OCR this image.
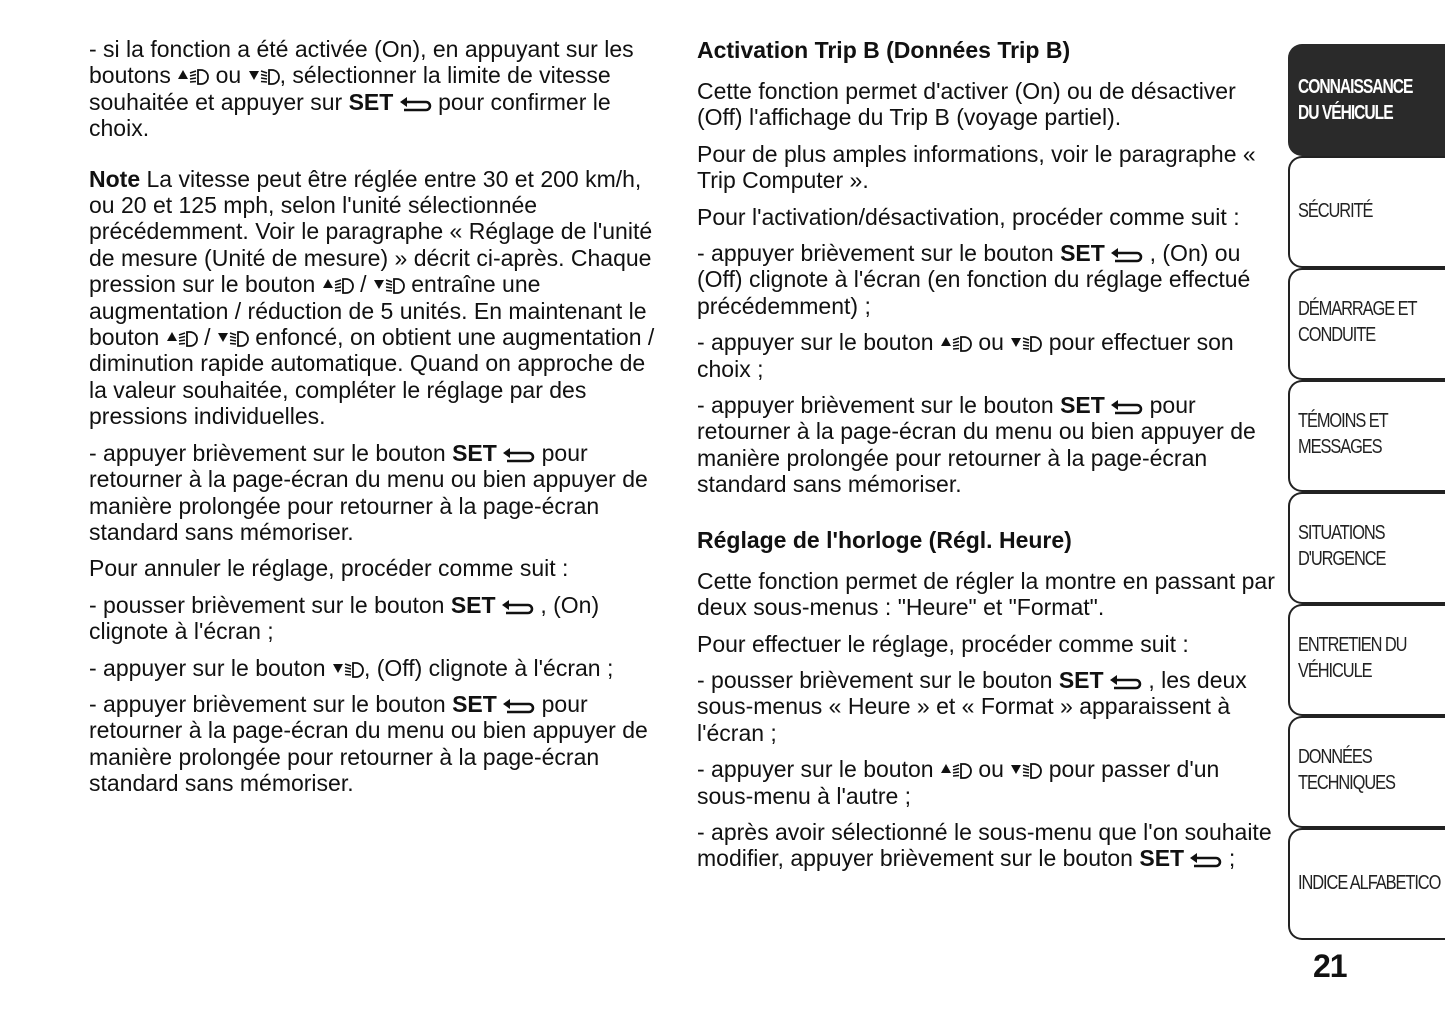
- si la fonction a été activée (On), en appuyant sur les boutons
ou
, sélectionner la limite de vitesse souhaitée et appuyer sur SET
pour confirmer le choix.

Note La vitesse peut être réglée entre 30 et 200 km/h, ou 20 et 125 mph, selon l'unité sélectionnée précédemment. Voir le paragraphe « Réglage de l'unité de mesure (Unité de mesure) » décrit ci-après. Chaque pression sur le bouton
/
entraîne une augmentation / réduction de 5 unités. En maintenant le bouton
/
enfoncé, on obtient une augmentation / diminution rapide automatique. Quand on approche de la valeur souhaitée, compléter le réglage par des pressions individuelles.

- appuyer brièvement sur le bouton SET
pour retourner à la page-écran du menu ou bien appuyer de manière prolongée pour retourner à la page-écran standard sans mémoriser.

Pour annuler le réglage, procéder comme suit :

- pousser brièvement sur le bouton SET
, (On) clignote à l'écran ;

- appuyer sur le bouton
, (Off) clignote à l'écran ;

- appuyer brièvement sur le bouton SET
pour retourner à la page-écran du menu ou bien appuyer de manière prolongée pour retourner à la page-écran standard sans mémoriser.

Activation Trip B (Données Trip B)

Cette fonction permet d'activer (On) ou de désactiver (Off) l'affichage du Trip B (voyage partiel).

Pour de plus amples informations, voir le paragraphe « Trip Computer ».

Pour l'activation/désactivation, procéder comme suit :

- appuyer brièvement sur le bouton SET
, (On) ou (Off) clignote à l'écran (en fonction du réglage effectué précédemment) ;

- appuyer sur le bouton
ou
pour effectuer son choix ;

- appuyer brièvement sur le bouton SET
pour retourner à la page-écran du menu ou bien appuyer de manière prolongée pour retourner à la page-écran standard sans mémoriser.

Réglage de l'horloge (Régl. Heure)

Cette fonction permet de régler la montre en passant par deux sous-menus : "Heure" et "Format".

Pour effectuer le réglage, procéder comme suit :

- pousser brièvement sur le bouton SET
, les deux sous-menus « Heure » et « Format » apparaissent à l'écran ;

- appuyer sur le bouton
ou
pour passer d'un sous-menu à l'autre ;

- après avoir sélectionné le sous-menu que l'on souhaite modifier, appuyer brièvement sur le bouton SET
;

CONNAISSANCE
DU VÉHICULE
SÉCURITÉ
DÉMARRAGE ET
CONDUITE
TÉMOINS ET
MESSAGES
SITUATIONS
D'URGENCE
ENTRETIEN DU
VÉHICULE
DONNÉES
TECHNIQUES
INDICE ALFABETICO
21
